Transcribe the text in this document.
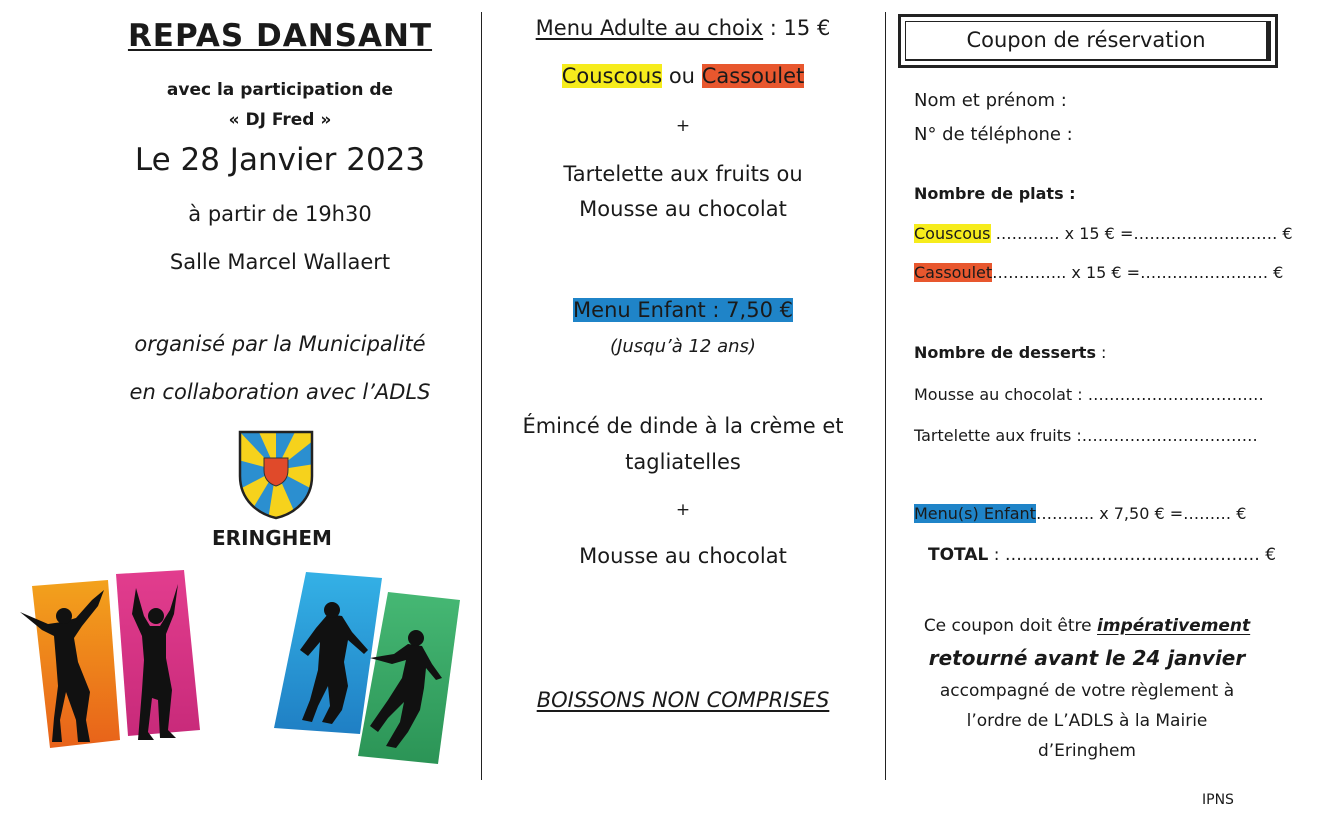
REPAS DANSANT
avec la participation de
« DJ Fred »
Le 28 Janvier 2023
à partir de 19h30
Salle Marcel Wallaert
organisé par la Municipalité
en collaboration avec l’ADLS
ERINGHEM
Menu Adulte au choix : 15 €
Couscous ou Cassoulet
+
Tartelette aux fruits ou
Mousse au chocolat
Menu Enfant : 7,50 €
(Jusqu’à 12 ans)
Émincé de dinde à la crème et
tagliatelles
+
Mousse au chocolat
BOISSONS NON COMPRISES
Coupon de réservation
Nom et prénom :
N° de téléphone :
Nombre de plats :
Couscous ………… x 15 € =……………………… €
Cassoulet………….. x 15 € =…………………… €
Nombre de desserts :
Mousse au chocolat : ……………………………
Tartelette aux fruits :……………………………
Menu(s) Enfant……….. x 7,50 € =……… €
TOTAL : ……………………………………… €
Ce coupon doit être impérativement
retourné avant le 24 janvier
accompagné de votre règlement à
l’ordre de L’ADLS à la Mairie
d’Eringhem
IPNS
